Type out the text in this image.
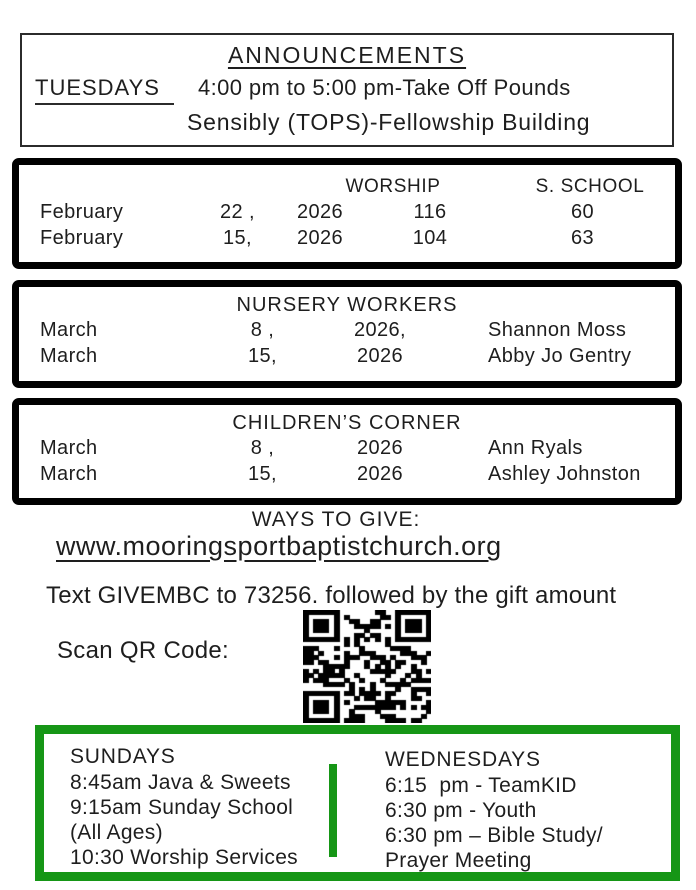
ANNOUNCEMENTS
TUESDAYS	4:00 pm to 5:00 pm-Take Off Pounds
Sensibly (TOPS)-Fellowship Building
WORSHIP	S. SCHOOL
February	22 ,	2026	116	60
February	15,	2026	104	63
NURSERY WORKERS
March	8 ,	2026,	Shannon Moss
March	15,	2026	Abby Jo Gentry
CHILDREN’S CORNER
March	8 ,	2026	Ann Ryals
March	15,	2026	Ashley Johnston
WAYS TO GIVE:
www.mooringsportbaptistchurch.org
Text GIVEMBC to 73256. followed by the gift amount
Scan QR Code:
SUNDAYS
8:45am Java & Sweets
9:15am Sunday School
(All Ages)
10:30 Worship Services
WEDNESDAYS
6:15  pm - TeamKID
6:30 pm - Youth
6:30 pm – Bible Study/
Prayer Meeting
